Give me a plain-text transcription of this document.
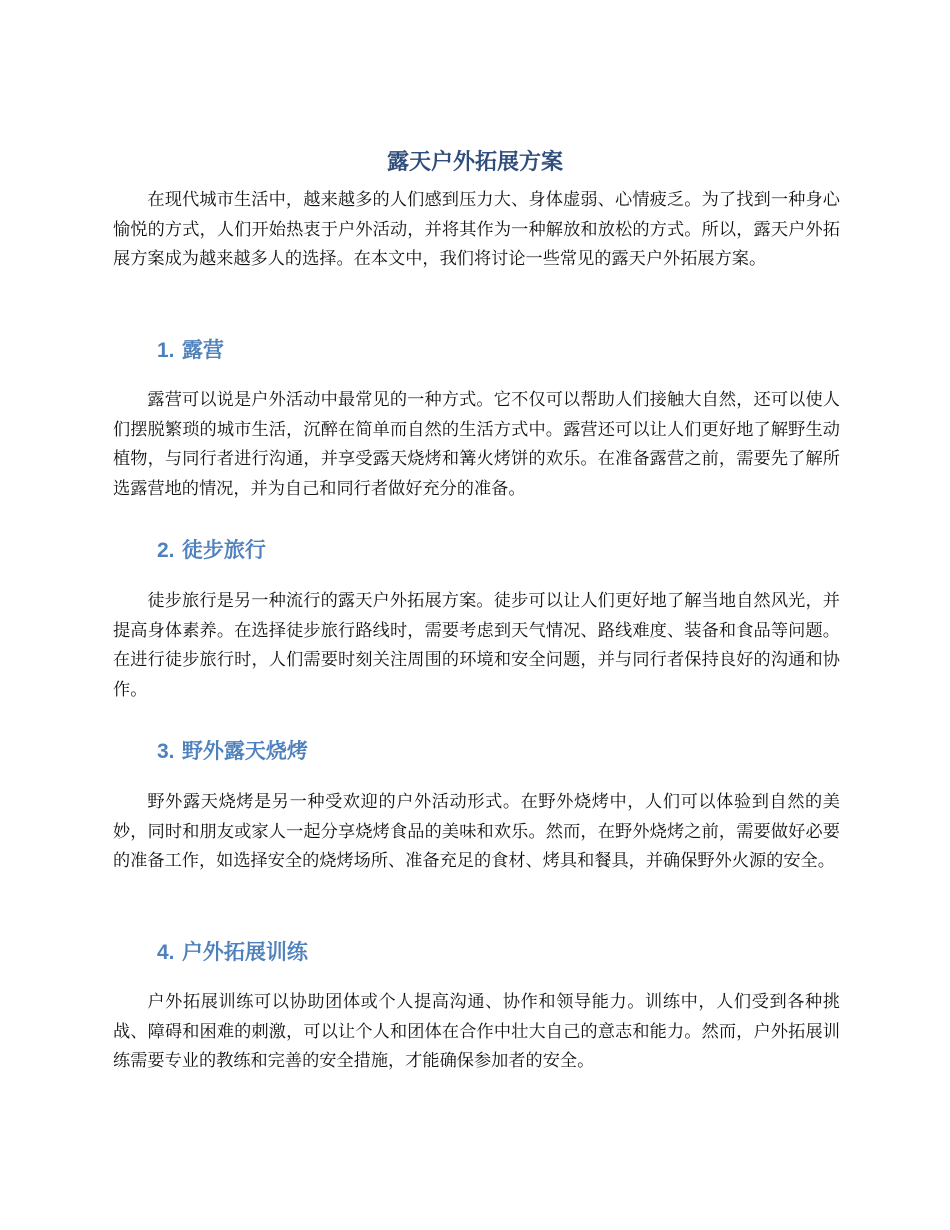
露天户外拓展方案

在现代城市生活中，越来越多的人们感到压力大、身体虚弱、心情疲乏。为了找到一种身心愉悦的方式，人们开始热衷于户外活动，并将其作为一种解放和放松的方式。所以，露天户外拓展方案成为越来越多人的选择。在本文中，我们将讨论一些常见的露天户外拓展方案。

1. 露营

露营可以说是户外活动中最常见的一种方式。它不仅可以帮助人们接触大自然，还可以使人们摆脱繁琐的城市生活，沉醉在简单而自然的生活方式中。露营还可以让人们更好地了解野生动植物，与同行者进行沟通，并享受露天烧烤和篝火烤饼的欢乐。在准备露营之前，需要先了解所选露营地的情况，并为自己和同行者做好充分的准备。

2. 徒步旅行

徒步旅行是另一种流行的露天户外拓展方案。徒步可以让人们更好地了解当地自然风光，并提高身体素养。在选择徒步旅行路线时，需要考虑到天气情况、路线难度、装备和食品等问题。在进行徒步旅行时，人们需要时刻关注周围的环境和安全问题，并与同行者保持良好的沟通和协作。

3. 野外露天烧烤

野外露天烧烤是另一种受欢迎的户外活动形式。在野外烧烤中，人们可以体验到自然的美妙，同时和朋友或家人一起分享烧烤食品的美味和欢乐。然而，在野外烧烤之前，需要做好必要的准备工作，如选择安全的烧烤场所、准备充足的食材、烤具和餐具，并确保野外火源的安全。

4. 户外拓展训练

户外拓展训练可以协助团体或个人提高沟通、协作和领导能力。训练中，人们受到各种挑战、障碍和困难的刺激，可以让个人和团体在合作中壮大自己的意志和能力。然而，户外拓展训练需要专业的教练和完善的安全措施，才能确保参加者的安全。
